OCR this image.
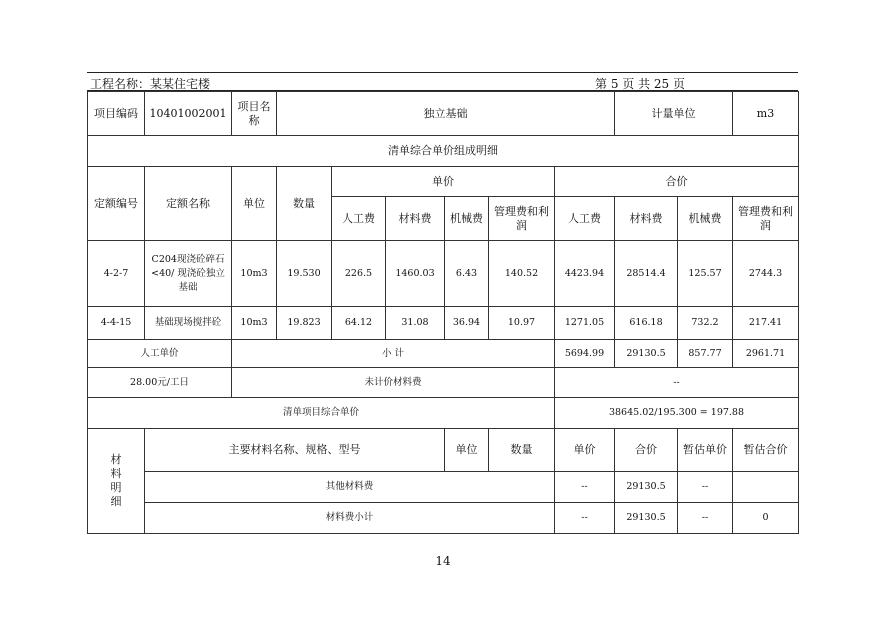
工程名称：某某住宅楼	第 5 页 共 25 页
项目编码	10401002001	项目名称	独立基础						计量单位		m3
清单综合单价组成明细											
定额编号	定额名称	单位	数量	单价				合价			
				人工费	材料费	机械费	管理费和利润	人工费	材料费	机械费	管理费和利润
4-2-7	C204现浇砼碎石<40/ 现浇砼独立基础	10m3	19.530	226.5	1460.03	6.43	140.52	4423.94	28514.4	125.57	2744.3
4-4-15	基础现场搅拌砼	10m3	19.823	64.12	31.08	36.94	10.97	1271.05	616.18	732.2	217.41
人工单价		小 计						5694.99	29130.5	857.77	2961.71
28.00元/工日		未计价材料费						--			
清单项目综合单价								38645.02/195.300 = 197.88			

材料明细	主要材料名称、规格、型号					单位	数量	单价	合价	暂估单价	暂估合价
	其他材料费							--	29130.5	--	
	材料费小计							--	29130.5	--	0
14
